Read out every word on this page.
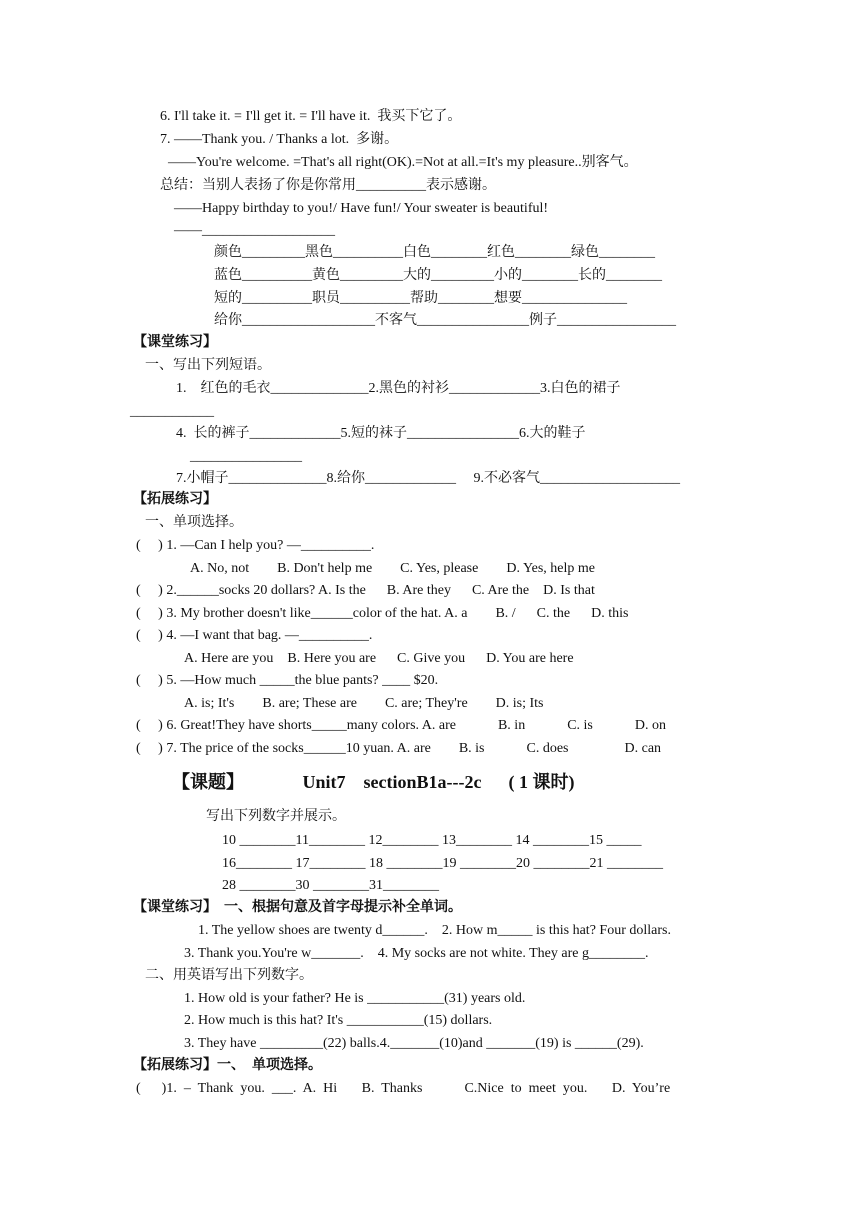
6. I'll take it. = I'll get it. = I'll have it.  我买下它了。
7. ——Thank you. / Thanks a lot.  多谢。
——You're welcome. =That's all right(OK).=Not at all.=It's my pleasure..别客气。
总结：当别人表扬了你是你常用__________表示感谢。
——Happy birthday to you!/ Have fun!/ Your sweater is beautiful!
——___________________
颜色_________黑色__________白色________红色________绿色________
蓝色__________黄色_________大的_________小的________长的________
短的__________职员__________帮助________想要_______________
给你___________________不客气________________例子_________________
【课堂练习】
一、写出下列短语。
1.    红色的毛衣______________2.黑色的衬衫_____________3.白色的裙子
____________
4.  长的裤子_____________5.短的袜子________________6.大的鞋子
________________
7.小帽子______________8.给你_____________     9.不必客气____________________
【拓展练习】
一、单项选择。
(     ) 1. —Can I help you? —__________.
A. No, not        B. Don't help me        C. Yes, please        D. Yes, help me
(     ) 2.______socks 20 dollars? A. Is the      B. Are they      C. Are the    D. Is that
(     ) 3. My brother doesn't like______color of the hat. A. a        B. /      C. the      D. this
(     ) 4. —I want that bag. —__________.
A. Here are you    B. Here you are      C. Give you      D. You are here
(     ) 5. —How much _____the blue pants? ____ $20.
A. is; It's        B. are; These are        C. are; They're        D. is; Its
(     ) 6. Great!They have shorts_____many colors. A. are            B. in            C. is            D. on
(     ) 7. The price of the socks______10 yuan. A. are        B. is            C. does                D. can
【课题】             Unit7    sectionB1a---2c      ( 1 课时)
写出下列数字并展示。
10 ________11________ 12________ 13________ 14 ________15 _____
16________ 17________ 18 ________19 ________20 ________21 ________
28 ________30 ________31________
【课堂练习】  一、根据句意及首字母提示补全单词。
1. The yellow shoes are twenty d______.    2. How m_____ is this hat? Four dollars.
3. Thank you.You're w_______.    4. My socks are not white. They are g________.
二、用英语写出下列数字。
1. How old is your father? He is ___________(31) years old.
2. How much is this hat? It's ___________(15) dollars.
3. They have _________(22) balls.4._______(10)and _______(19) is ______(29).
【拓展练习】一、  单项选择。
(      )1.  –  Thank  you.  ___.  A.  Hi       B.  Thanks            C.Nice  to  meet  you.       D.  You’re
